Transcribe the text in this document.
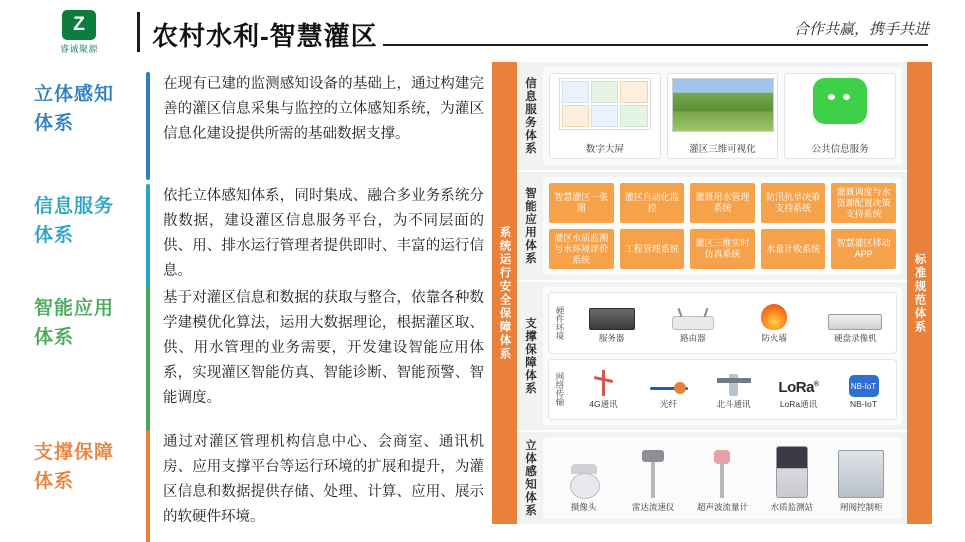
Z
睿诚聚源 农村水利-智慧灌区	合作共赢，携手共进
立体感知
体系
在现有已建的监测感知设备的基础上，通过构建完善的灌区信息采集与监控的立体感知系统，为灌区信息化建设提供所需的基础数据支撑。
信息服务
体系
依托立体感知体系，同时集成、融合多业务系统分散数据，建设灌区信息服务平台，为不同层面的供、用、排水运行管理者提供即时、丰富的运行信息。
智能应用
体系
基于对灌区信息和数据的获取与整合，依靠各种数学建模优化算法，运用大数据理论，根据灌区取、供、用水管理的业务需要，开发建设智能应用体系，实现灌区智能仿真、智能诊断、智能预警、智能调度。
支撑保障
体系
通过对灌区管理机构信息中心、会商室、通讯机房、应用支撑平台等运行环境的扩展和提升，为灌区信息和数据提供存储、处理、计算、应用、展示的软硬件环境。
系统运行安全保障体系	标准规范体系
信息服务体系	数字大屏	灌区三维可视化	公共信息服务
智能应用体系	智慧灌区一张图
灌区自动化监控
灌溉用水管理系统
防汛抗旱决策支持系统
灌溉调度与水资源配置决策支持系统
灌区水质监测与水环境评价系统
工程管理系统
灌区三维实时仿真系统
水量计收系统
智慧灌区移动APP
支撑保障体系	硬件环境	服务器	路由器	防火墙	硬盘录像机
网络传输	4G通讯	光纤	北斗通讯
LoRa®
LoRa通讯
NB-IoT
NB-IoT
立体感知体系	摄像头	雷达流速仪	超声波流量计	水质监测站	闸阀控制柜
